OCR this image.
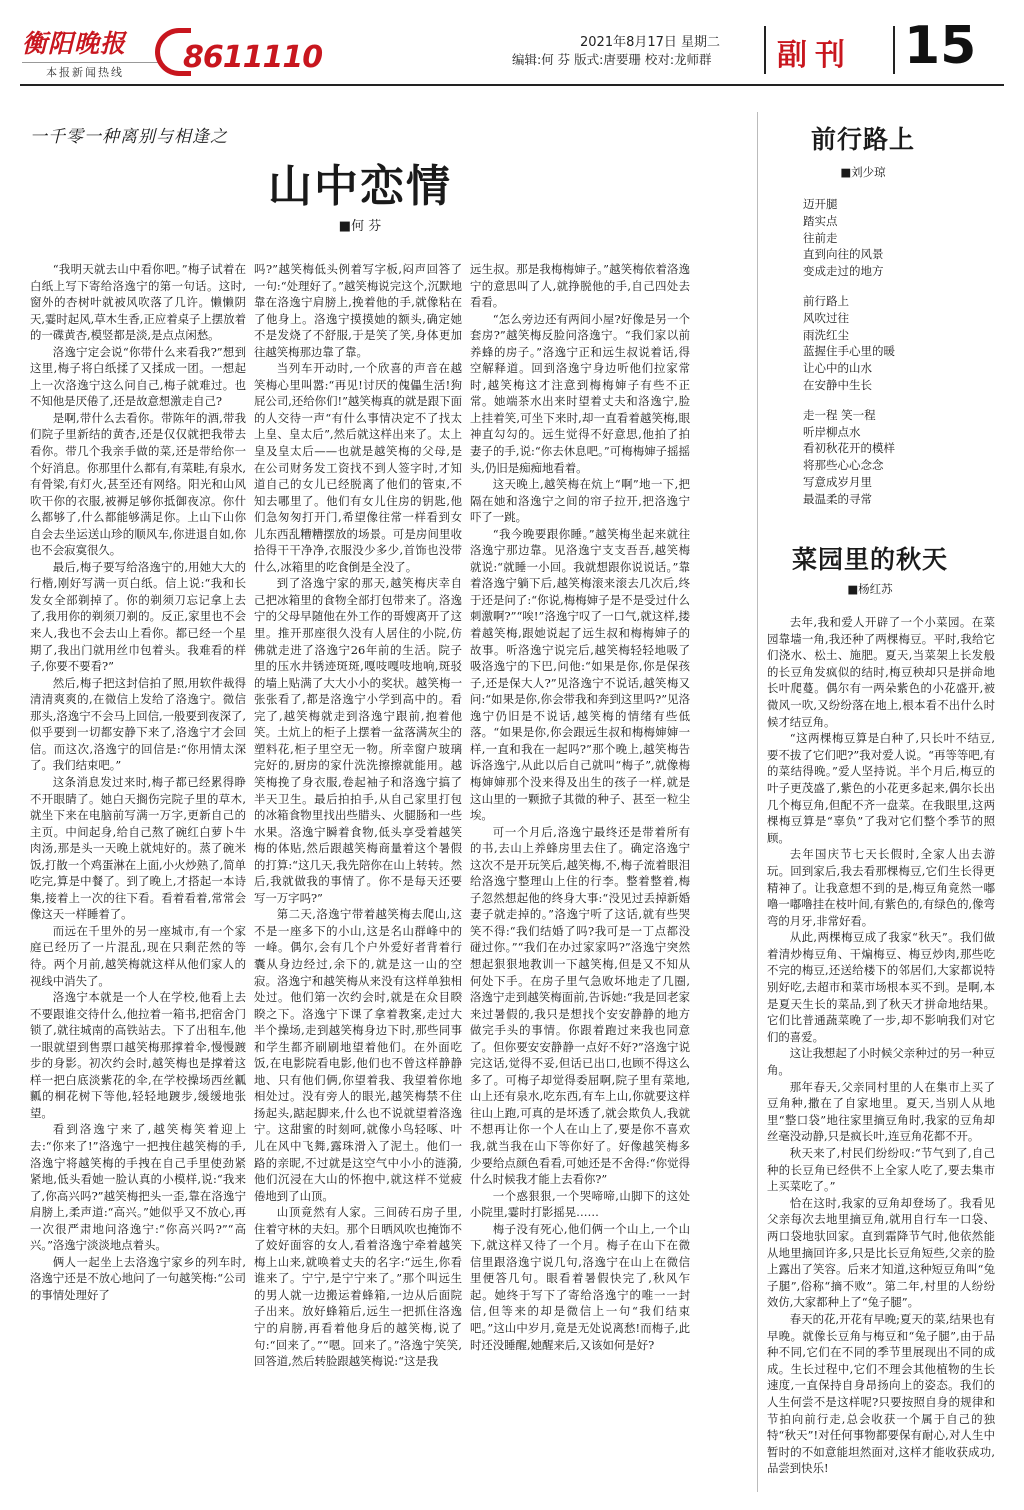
衡阳晚报
本报新闻热线 8611110	2021年8月17日 星期二
编辑:何 芬 版式:唐要珊 校对:龙师群 副刊 15
一千零一种离别与相逢之
山中恋情
■何 芬

“我明天就去山中看你吧。”梅子试着在白纸上写下寄给洛逸宁的第一句话。这时,窗外的杏树叶就被风吹落了几许。懒懒阴天,霎时起风,草木生香,正应着桌子上摆放着的一碟黄杏,模竖都是淡,是点点闲愁。

洛逸宁定会说“你带什么来看我?”想到这里,梅子将白纸揉了又揉成一团。一想起上一次洛逸宁这么问自己,梅子就难过。也不知他是厌倦了,还是故意想激走自己?

是啊,带什么去看你。带陈年的酒,带我们院子里新结的黄杏,还是仅仅就把我带去看你。带几个我亲手做的菜,还是带给你一个好消息。你那里什么都有,有菜畦,有泉水,有骨梁,有灯火,甚至还有网络。阳光和山风吹干你的衣服,被褥足够你抵御夜凉。你什么都够了,什么都能够满足你。上山下山你自会去坐运送山珍的顺风车,你进退自如,你也不会寂寞很久。

最后,梅子要写给洛逸宁的,用她大大的行楷,刚好写满一页白纸。信上说:“我和长发女全部剃掉了。你的剃须刀忘记拿上去了,我用你的剃须刀剃的。反正,家里也不会来人,我也不会去山上看你。都已经一个星期了,我出门就用丝巾包着头。我难看的样子,你要不要看?”

然后,梅子把这封信拍了照,用软件裁得清清爽爽的,在微信上发给了洛逸宁。微信那头,洛逸宁不会马上回信,一般要到夜深了,似乎要到一切都安静下来了,洛逸宁才会回信。而这次,洛逸宁的回信是:“你用情太深了。我们结束吧。”

这条消息发过来时,梅子都已经累得睁不开眼睛了。她白天搁伤完院子里的草木,就坐下来在电脑前写满一万字,更新自己的主页。中间起身,给自己熬了碗红白萝卜牛肉汤,那是头一天晚上就炖好的。蒸了碗米饭,打散一个鸡蛋淋在上面,小火炒熟了,简单吃完,算是中餐了。到了晚上,才搭起一本诗集,接着上一次的往下看。看着看着,常常会像这天一样睡着了。

而远在千里外的另一座城市,有一个家庭已经历了一片混乱,现在只剩茫然的等待。两个月前,越笑梅就这样从他们家人的视线中消失了。

洛逸宁本就是一个人在学校,他看上去不要跟谁交待什么,他拉着一箱书,把宿舍门锁了,就往城南的高铁站去。下了出租车,他一眼就望到售票口越笑梅那撑着伞,慢慢踱步的身影。初次约会时,越笑梅也是撑着这样一把白底淡紫花的伞,在学校操场西丝瓤瓤的桐花树下等他,轻轻地踱步,缓缓地张望。

看到洛逸宁来了,越笑梅笑着迎上去:“你来了!”洛逸宁一把拽住越笑梅的手,洛逸宁将越笑梅的手拽在自己手里使劲紧紧地,低头看她一脸认真的小模样,说:“我来了,你高兴吗?”越笑梅把头一歪,靠在洛逸宁肩膀上,柔声道:“高兴。”她似乎又不放心,再一次很严肃地问洛逸宁:“你高兴吗?”“高兴。”洛逸宁淡淡地点着头。

俩人一起坐上去洛逸宁家乡的列车时,洛逸宁还是不放心地问了一句越笑梅:“公司的事情处理好了

吗?”越笑梅低头例着写字板,闷声回答了一句:“处理好了。”越笑梅说完这个,沉默地靠在洛逸宁肩膀上,挽着他的手,就像粘在了他身上。洛逸宁摸摸她的额头,确定她不是发烧了不舒服,于是笑了笑,身体更加往越笑梅那边靠了靠。

当列车开动时,一个欣喜的声音在越笑梅心里叫嚣:“再见!讨厌的傀儡生活!狗屁公司,还给你们!”越笑梅真的就是跟下面的人交待一声“有什么事情决定不了找太上皇、皇太后”,然后就这样出来了。太上皇及皇太后——也就是越笑梅的父母,是在公司财务发工资找不到人签字时,才知道自己的女儿已经脱离了他们的管束,不知去哪里了。他们有女儿住房的钥匙,他们急匆匆打开门,希望像往常一样看到女儿东西乱糟糟摆放的场景。可是房间里收拾得干干净净,衣服没少多少,首饰也没带什么,冰箱里的吃食倒是全没了。

到了洛逸宁家的那天,越笑梅庆幸自己把冰箱里的食物全部打包带来了。洛逸宁的父母早随他在外工作的哥嫂离开了这里。推开那座很久没有人居住的小院,仿佛就走进了洛逸宁26年前的生活。院子里的压水井锈迹斑斑,嘎吱嘎吱地响,斑驳的墙上贴满了大大小小的奖状。越笑梅一张张看了,都是洛逸宁小学到高中的。看完了,越笑梅就走到洛逸宁跟前,抱着他笑。土炕上的柜子上摆着一盆落满灰尘的塑料花,柜子里空无一物。所幸窗户玻璃完好的,厨房的家什洗洗擦擦就能用。越笑梅挽了身衣服,卷起袖子和洛逸宁搞了半天卫生。最后拍拍手,从自己家里打包的冰箱食物里找出些腊头、火腿肠和一些水果。洛逸宁瞬着食物,低头享受着越笑梅的体贴,然后跟越笑梅商量着这个暑假的打算:“这几天,我先陪你在山上转转。然后,我就做我的事情了。你不是每天还要写一万字吗?”

第二天,洛逸宁带着越笑梅去爬山,这不是一座多下的小山,这是名山群峰中的一峰。偶尔,会有几个户外爱好者背着行囊从身边经过,余下的,就是这一山的空寂。洛逸宁和越笑梅从来没有这样单独相处过。他们第一次约会时,就是在众目睽睽之下。洛逸宁下课了拿着教案,走过大半个操场,走到越笑梅身边下时,那些同事和学生都齐刷刷地望着他们。在外面吃饭,在电影院看电影,他们也不曾这样静静地、只有他们俩,你望着我、我望着你地相处过。没有旁人的眼光,越笑梅禁不住扬起头,踮起脚来,什么也不说就望着洛逸宁。这甜蜜的时刻呵,就像小鸟轻啄、叶儿在风中飞舞,露珠滑入了泥土。他们一路的亲昵,不过就是这空气中小小的涟漪,他们沉浸在大山的怀抱中,就这样不觉疲倦地到了山顶。

山顶竟然有人家。三间砖石房子里,住着守林的夫妇。那个日晒风吹也掩饰不了姣好面容的女人,看着洛逸宁牵着越笑梅上山来,就唤着丈夫的名字:“远生,你看谁来了。宁宁,是宁宁来了。”那个叫远生的男人就一边搬运着蜂箱,一边从后面院子出来。放好蜂箱后,远生一把抓住洛逸宁的肩膀,再看着他身后的越笑梅,说了句:“回来了。”“嗯。回来了。”洛逸宁笑笑,回答道,然后转脸跟越笑梅说:“这是我

远生叔。那是我梅梅婶子。”越笑梅依着洛逸宁的意思叫了人,就挣脱他的手,自己四处去看看。

“怎么旁边还有两间小屋?好像是另一个套房?”越笑梅反脸问洛逸宁。“我们家以前养蜂的房子。”洛逸宁正和远生叔说着话,得空解释道。回到洛逸宁身边听他们拉家常时,越笑梅这才注意到梅梅婶子有些不正常。她端茶水出来时望着丈夫和洛逸宁,脸上挂着笑,可坐下来时,却一直看着越笑梅,眼神直勾勾的。远生觉得不好意思,他拍了拍妻子的手,说:“你去休息吧。”可梅梅婶子摇摇头,仍旧是痴痴地看着。

这天晚上,越笑梅在炕上“啊”地一下,把隔在她和洛逸宁之间的帘子拉开,把洛逸宁吓了一跳。

“我今晚要跟你睡。”越笑梅坐起来就往洛逸宁那边靠。见洛逸宁支支吾吾,越笑梅就说:“就睡一小回。我就想跟你说说话。”靠着洛逸宁躺下后,越笑梅滚来滚去几次后,终于还是问了:“你说,梅梅婶子是不是受过什么刺激啊?”“唉!”洛逸宁叹了一口气,就这样,搂着越笑梅,跟她说起了远生叔和梅梅婶子的故事。听洛逸宁说完后,越笑梅轻轻地吸了吸洛逸宁的下巴,问他:“如果是你,你是保孩子,还是保大人?”见洛逸宁不说话,越笑梅又问:“如果是你,你会带我和奔到这里吗?”见洛逸宁仍旧是不说话,越笑梅的情绪有些低落。“如果是你,你会跟远生叔和梅梅婶婶一样,一直和我在一起吗?”那个晚上,越笑梅告诉洛逸宁,从此以后自己就叫“梅子”,就像梅梅婶婶那个没来得及出生的孩子一样,就是这山里的一颗掀子其微的种子、甚至一粒尘埃。

可一个月后,洛逸宁最终还是带着所有的书,去山上养蜂房里去住了。确定洛逸宁这次不是开玩笑后,越笑梅,不,梅子流着眼泪给洛逸宁整理山上住的行李。整着整着,梅子忽然想起他的终身大事:“没见过丢掉新婚妻子就走掉的。”洛逸宁听了这话,就有些哭笑不得:“我们结婚了吗?我可是一丁点都没碰过你。”“我们在办过家家吗?”洛逸宁突然想起狠狠地教训一下越笑梅,但是又不知从何处下手。在房子里气急败坏地走了几圈,洛逸宁走到越笑梅面前,告诉她:“我是回老家来过暑假的,我只是想找个安安静静的地方做完手头的事情。你跟着跑过来我也同意了。但你要安安静静一点好不好?”洛逸宁说完这话,觉得不妥,但话已出口,也顾不得这么多了。可梅子却觉得委屈啊,院子里有菜地,山上还有泉水,吃东西,有车上山,你就要这样往山上跑,可真的是坏透了,就会欺负人,我就不想再让你一个人在山上了,要是你不喜欢我,就当我在山下等你好了。好像越笑梅多少要给点颜色看看,可她还是不舍得:“你觉得什么时候我才能上去看你?”

一个惑狠狠,一个哭啼啼,山脚下的这处小院里,霎时打影摇晃……

梅子没有死心,他们俩一个山上,一个山下,就这样又待了一个月。梅子在山下在微信里跟洛逸宁说几句,洛逸宁在山上在微信里便答几句。眼看着暑假快完了,秋风乍起。她终于写下了寄给洛逸宁的唯一一封信,但等来的却是微信上一句“我们结束吧。”这山中岁月,竟是无处说离愁!而梅子,此时还没睡醒,她醒来后,又该如何是好?

前行路上
■刘少琼
迈开腿
踏实点
往前走
直到向往的风景
变成走过的地方
前行路上
风吹过往
雨洗红尘
蓝握住手心里的暖
让心中的山水
在安静中生长
走一程 笑一程
听岸柳点水
看初秋花开的模样
将那些心心念念
写意成岁月里
最温柔的寻常
菜园里的秋天
■杨红苏

去年,我和爱人开辟了一个小菜园。在菜园靠墙一角,我还种了两棵梅豆。平时,我给它们浇水、松土、施肥。夏天,当菜架上长发般的长豆角发疯似的结时,梅豆秧却只是拼命地长叶爬蔓。偶尔有一两朵紫色的小花盛开,被微风一吹,又纷纷落在地上,根本看不出什么时候才结豆角。

“这两棵梅豆算是白种了,只长叶不结豆,要不拔了它们吧?”我对爱人说。“再等等吧,有的菜结得晚。”爱人坚持说。半个月后,梅豆的叶子更茂盛了,紫色的小花更多起来,偶尔长出几个梅豆角,但配不齐一盘菜。在我眼里,这两棵梅豆算是“辜负”了我对它们整个季节的照顾。

去年国庆节七天长假时,全家人出去游玩。回到家后,我去看那棵梅豆,它们生长得更精神了。让我意想不到的是,梅豆角竟然一嘟噜一嘟噜挂在枝叶间,有紫色的,有绿色的,像弯弯的月牙,非常好看。

从此,两棵梅豆成了我家“秋天”。我们做着清炒梅豆角、干煸梅豆、梅豆炒肉,那些吃不完的梅豆,还送给楼下的邻居们,大家都说特别好吃,去超市和菜市场根本买不到。是啊,本是夏天生长的菜品,到了秋天才拼命地结果。它们比普通蔬菜晚了一步,却不影响我们对它们的喜爱。

这让我想起了小时候父亲种过的另一种豆角。

那年春天,父亲同村里的人在集市上买了豆角种,撒在了自家地里。夏天,当别人从地里“整口袋”地往家里摘豆角时,我家的豆角却丝毫没动静,只是疯长叶,连豆角花都不开。

秋天来了,村民们纷纷叹:“节气到了,自己种的长豆角已经供不上全家人吃了,要去集市上买菜吃了。”

恰在这时,我家的豆角却登场了。我看见父亲每次去地里摘豆角,就用自行车一口袋、两口袋地驮回家。直到霜降节气时,他依然能从地里摘回许多,只是比长豆角短些,父亲的脸上露出了笑容。后来才知道,这种短豆角叫“兔子腿”,俗称“摘不败”。第二年,村里的人纷纷效仿,大家都种上了“兔子腿”。

春天的花,开花有早晚;夏天的菜,结果也有早晚。就像长豆角与梅豆和“兔子腿”,由于品种不同,它们在不同的季节里展现出不同的成成。生长过程中,它们不理会其他植物的生长速度,一直保持自身昂扬向上的姿态。我们的人生何尝不是这样呢?只要按照自身的规律和节拍向前行走,总会收获一个属于自己的独特“秋天”!对任何事物都要保有耐心,对人生中暂时的不如意能坦然面对,这样才能收获成功,品尝到快乐!
